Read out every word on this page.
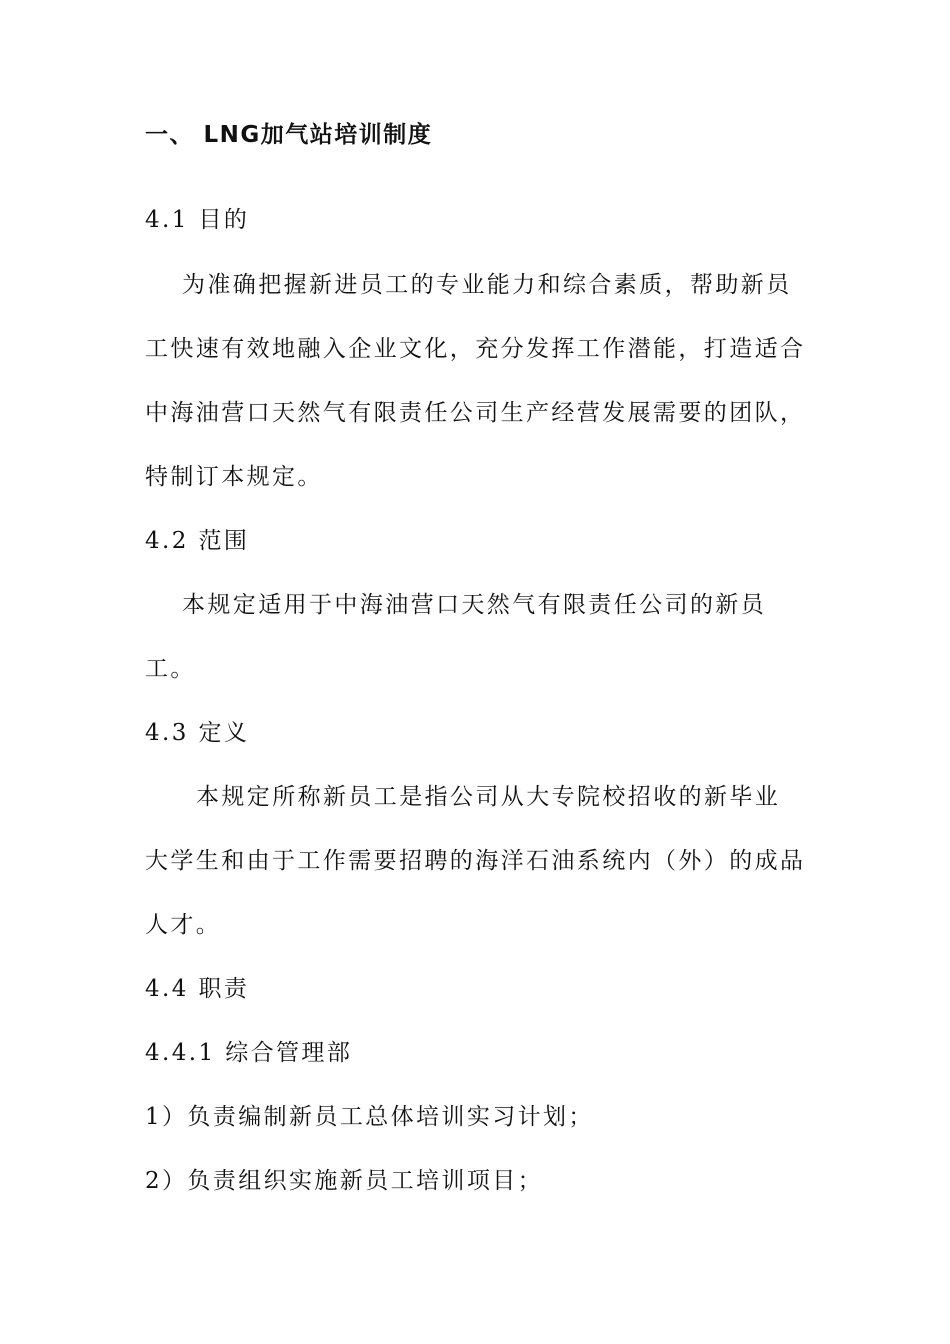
一、 LNG加气站培训制度
4.1 目的
为准确把握新进员工的专业能力和综合素质，帮助新员
工快速有效地融入企业文化，充分发挥工作潜能，打造适合
中海油营口天然气有限责任公司生产经营发展需要的团队，
特制订本规定。
4.2 范围
本规定适用于中海油营口天然气有限责任公司的新员
工。
4.3 定义
本规定所称新员工是指公司从大专院校招收的新毕业
大学生和由于工作需要招聘的海洋石油系统内（外）的成品
人才。
4.4 职责
4.4.1 综合管理部
1）负责编制新员工总体培训实习计划；
2）负责组织实施新员工培训项目；
